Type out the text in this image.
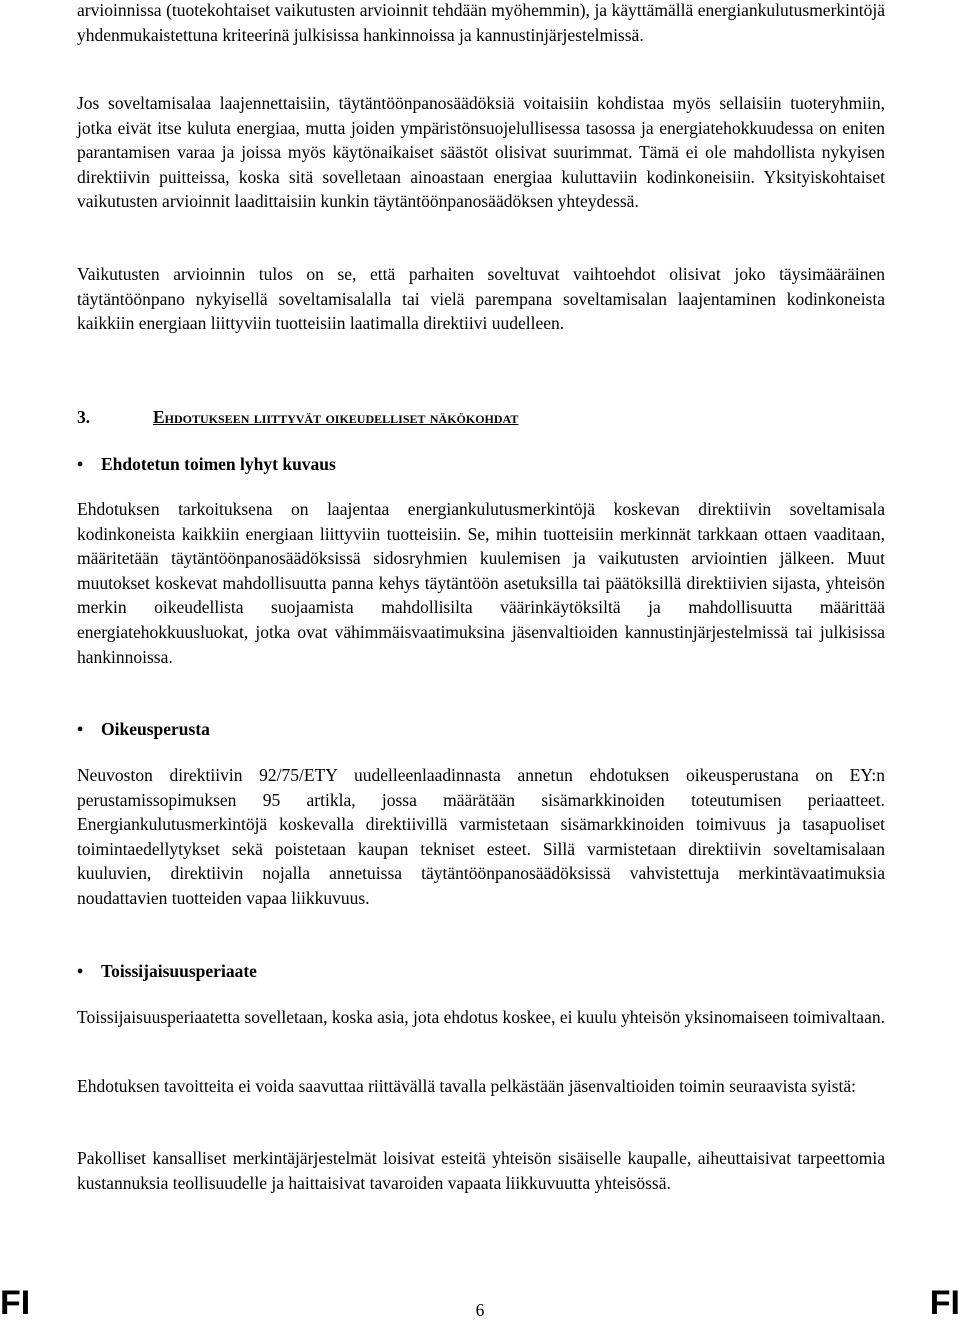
arvioinnissa (tuotekohtaiset vaikutusten arvioinnit tehdään myöhemmin), ja käyttämällä energiankulutusmerkintöjä yhdenmukaistettuna kriteerinä julkisissa hankinnoissa ja kannustinjärjestelmissä.

Jos soveltamisalaa laajennettaisiin, täytäntöönpanosäädöksiä voitaisiin kohdistaa myös sellaisiin tuoteryhmiin, jotka eivät itse kuluta energiaa, mutta joiden ympäristönsuojelullisessa tasossa ja energiatehokkuudessa on eniten parantamisen varaa ja joissa myös käytönaikaiset säästöt olisivat suurimmat. Tämä ei ole mahdollista nykyisen direktiivin puitteissa, koska sitä sovelletaan ainoastaan energiaa kuluttaviin kodinkoneisiin. Yksityiskohtaiset vaikutusten arvioinnit laadittaisiin kunkin täytäntöönpanosäädöksen yhteydessä.

Vaikutusten arvioinnin tulos on se, että parhaiten soveltuvat vaihtoehdot olisivat joko täysimääräinen täytäntöönpano nykyisellä soveltamisalalla tai vielä parempana soveltamisalan laajentaminen kodinkoneista kaikkiin energiaan liittyviin tuotteisiin laatimalla direktiivi uudelleen.

3.	Ehdotukseen liittyvät oikeudelliset näkökohdat

• Ehdotetun toimen lyhyt kuvaus

Ehdotuksen tarkoituksena on laajentaa energiankulutusmerkintöjä koskevan direktiivin soveltamisala kodinkoneista kaikkiin energiaan liittyviin tuotteisiin. Se, mihin tuotteisiin merkinnät tarkkaan ottaen vaaditaan, määritetään täytäntöönpanosäädöksissä sidosryhmien kuulemisen ja vaikutusten arviointien jälkeen. Muut muutokset koskevat mahdollisuutta panna kehys täytäntöön asetuksilla tai päätöksillä direktiivien sijasta, yhteisön merkin oikeudellista suojaamista mahdollisilta väärinkäytöksiltä ja mahdollisuutta määrittää energiatehokkuusluokat, jotka ovat vähimmäisvaatimuksina jäsenvaltioiden kannustinjärjestelmissä tai julkisissa hankinnoissa.

• Oikeusperusta

Neuvoston direktiivin 92/75/ETY uudelleenlaadinnasta annetun ehdotuksen oikeusperustana on EY:n perustamissopimuksen 95 artikla, jossa määrätään sisämarkkinoiden toteutumisen periaatteet. Energiankulutusmerkintöjä koskevalla direktiivillä varmistetaan sisämarkkinoiden toimivuus ja tasapuoliset toimintaedellytykset sekä poistetaan kaupan tekniset esteet. Sillä varmistetaan direktiivin soveltamisalaan kuuluvien, direktiivin nojalla annetuissa täytäntöönpanosäädöksissä vahvistettuja merkintävaatimuksia noudattavien tuotteiden vapaa liikkuvuus.

• Toissijaisuusperiaate

Toissijaisuusperiaatetta sovelletaan, koska asia, jota ehdotus koskee, ei kuulu yhteisön yksinomaiseen toimivaltaan.

Ehdotuksen tavoitteita ei voida saavuttaa riittävällä tavalla pelkästään jäsenvaltioiden toimin seuraavista syistä:

Pakolliset kansalliset merkintäjärjestelmät loisivat esteitä yhteisön sisäiselle kaupalle, aiheuttaisivat tarpeettomia kustannuksia teollisuudelle ja haittaisivat tavaroiden vapaata liikkuvuutta yhteisössä.

FI	6	FI
